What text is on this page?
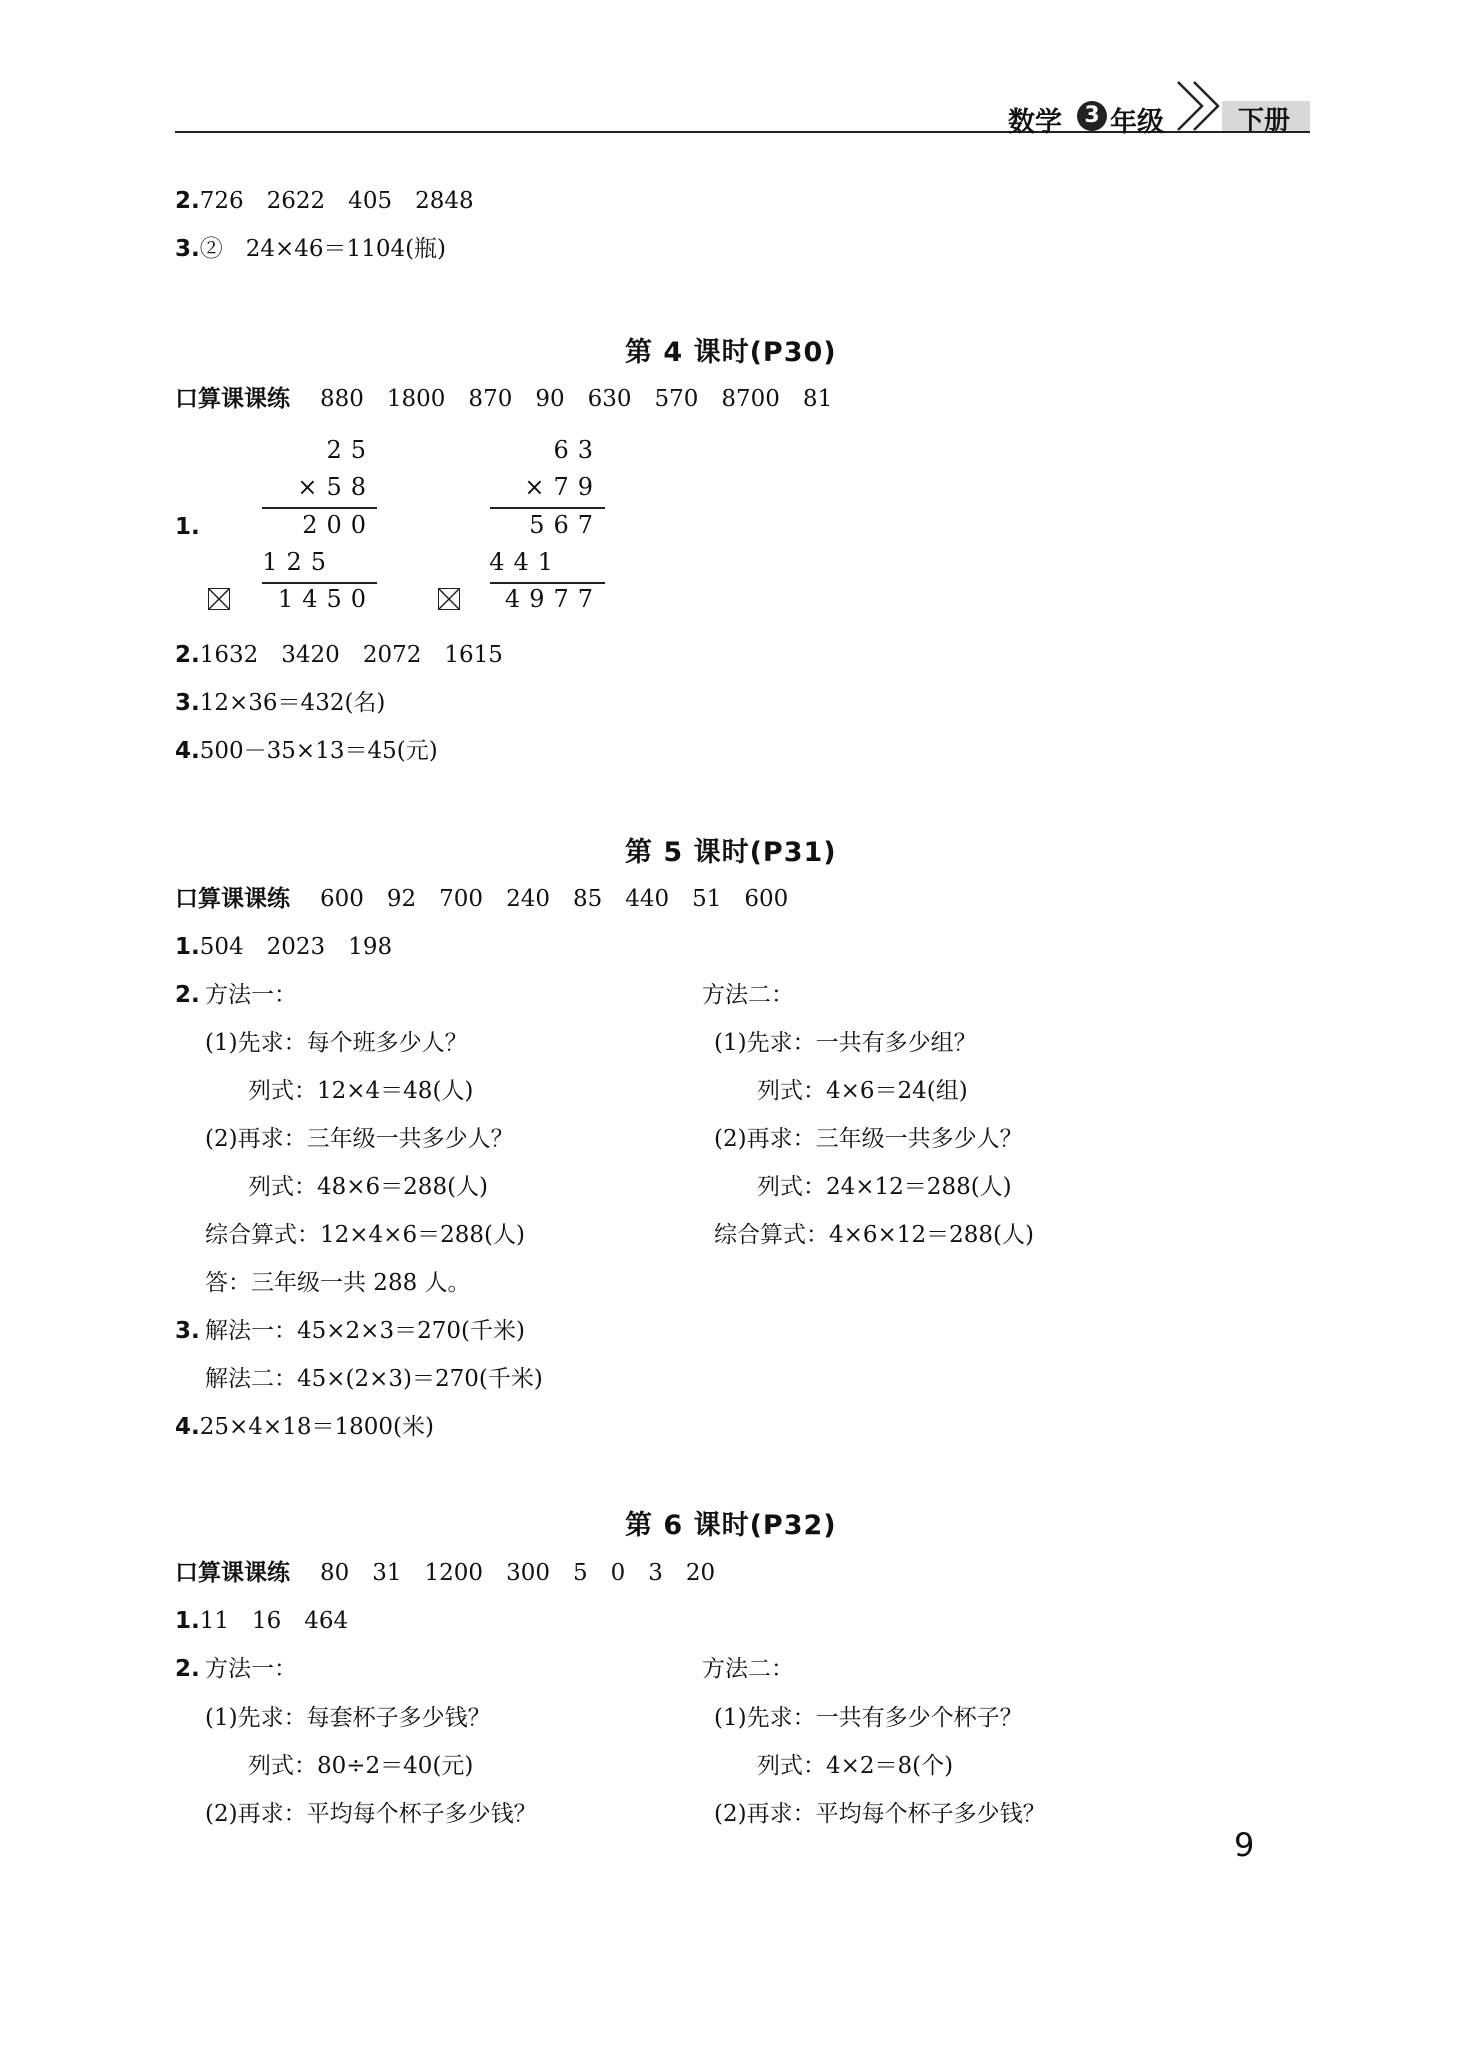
数学	3 年级	下册
2.726　2622　405　2848
3.②　24×46＝1104(瓶)
第 4 课时(P30)
口算课课练 880　1800　870　90　630　570　8700　81
1.
25
×58
200
125
1450
63
×79
567
441
4977
2.1632　3420　2072　1615
3.12×36＝432(名)
4.500－35×13＝45(元)
第 5 课时(P31)
口算课课练 600　92　700　240　85　440　51　600
1.504　2023　198
2. 方法一：
(1)先求：每个班多少人？
列式：12×4＝48(人)
(2)再求：三年级一共多少人？
列式：48×6＝288(人)
综合算式：12×4×6＝288(人)
答：三年级一共 288 人。
方法二：
(1)先求：一共有多少组？
列式：4×6＝24(组)
(2)再求：三年级一共多少人？
列式：24×12＝288(人)
综合算式：4×6×12＝288(人)
3. 解法一：45×2×3＝270(千米)
解法二：45×(2×3)＝270(千米)
4.25×4×18＝1800(米)
第 6 课时(P32)
口算课课练 80　31　1200　300　5　0　3　20
1.11　16　464
2. 方法一：
(1)先求：每套杯子多少钱？
列式：80÷2＝40(元)
(2)再求：平均每个杯子多少钱？
方法二：
(1)先求：一共有多少个杯子？
列式：4×2＝8(个)
(2)再求：平均每个杯子多少钱？
9
